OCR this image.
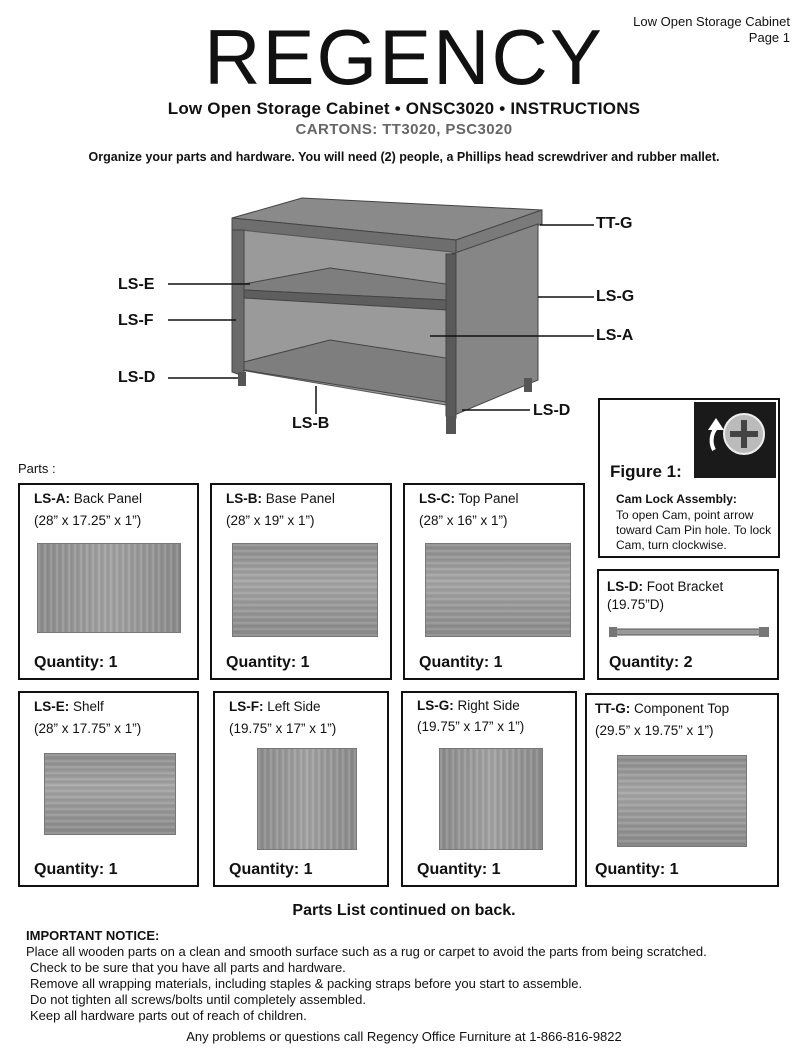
Low Open Storage Cabinet
Page 1
REGENCY
Low Open Storage Cabinet • ONSC3020 • INSTRUCTIONS
CARTONS: TT3020, PSC3020
Organize your parts and hardware. You will need (2) people, a Phillips head screwdriver and rubber mallet.
TT-G
LS-E
LS-G
LS-F
LS-A
LS-D
LS-D
LS-B
Figure 1:
Cam Lock Assembly:
To open Cam, point arrow toward Cam Pin hole. To lock Cam, turn clockwise.
Parts :
LS-A: Back Panel
(28” x 17.25” x 1”)
Quantity: 1
LS-B: Base Panel
(28” x 19” x 1”)
Quantity: 1
LS-C: Top Panel
(28” x 16” x 1”)
Quantity: 1
LS-D: Foot Bracket
(19.75”D)
Quantity: 2
LS-E: Shelf
(28” x 17.75” x 1”)
Quantity: 1
LS-F: Left Side
(19.75” x 17” x 1”)
Quantity: 1
LS-G: Right Side
(19.75” x 17” x 1”)
Quantity: 1
TT-G: Component Top
(29.5” x 19.75” x 1”)
Quantity: 1
Parts List continued on back.
IMPORTANT NOTICE:
Place all wooden parts on a clean and smooth surface such as a rug or carpet to avoid the parts from being scratched.
Check to be sure that you have all parts and hardware.
Remove all wrapping materials, including staples & packing straps before you start to assemble.
Do not tighten all screws/bolts until completely assembled.
Keep all hardware parts out of reach of children.
Any problems or questions call Regency Office Furniture at 1-866-816-9822
